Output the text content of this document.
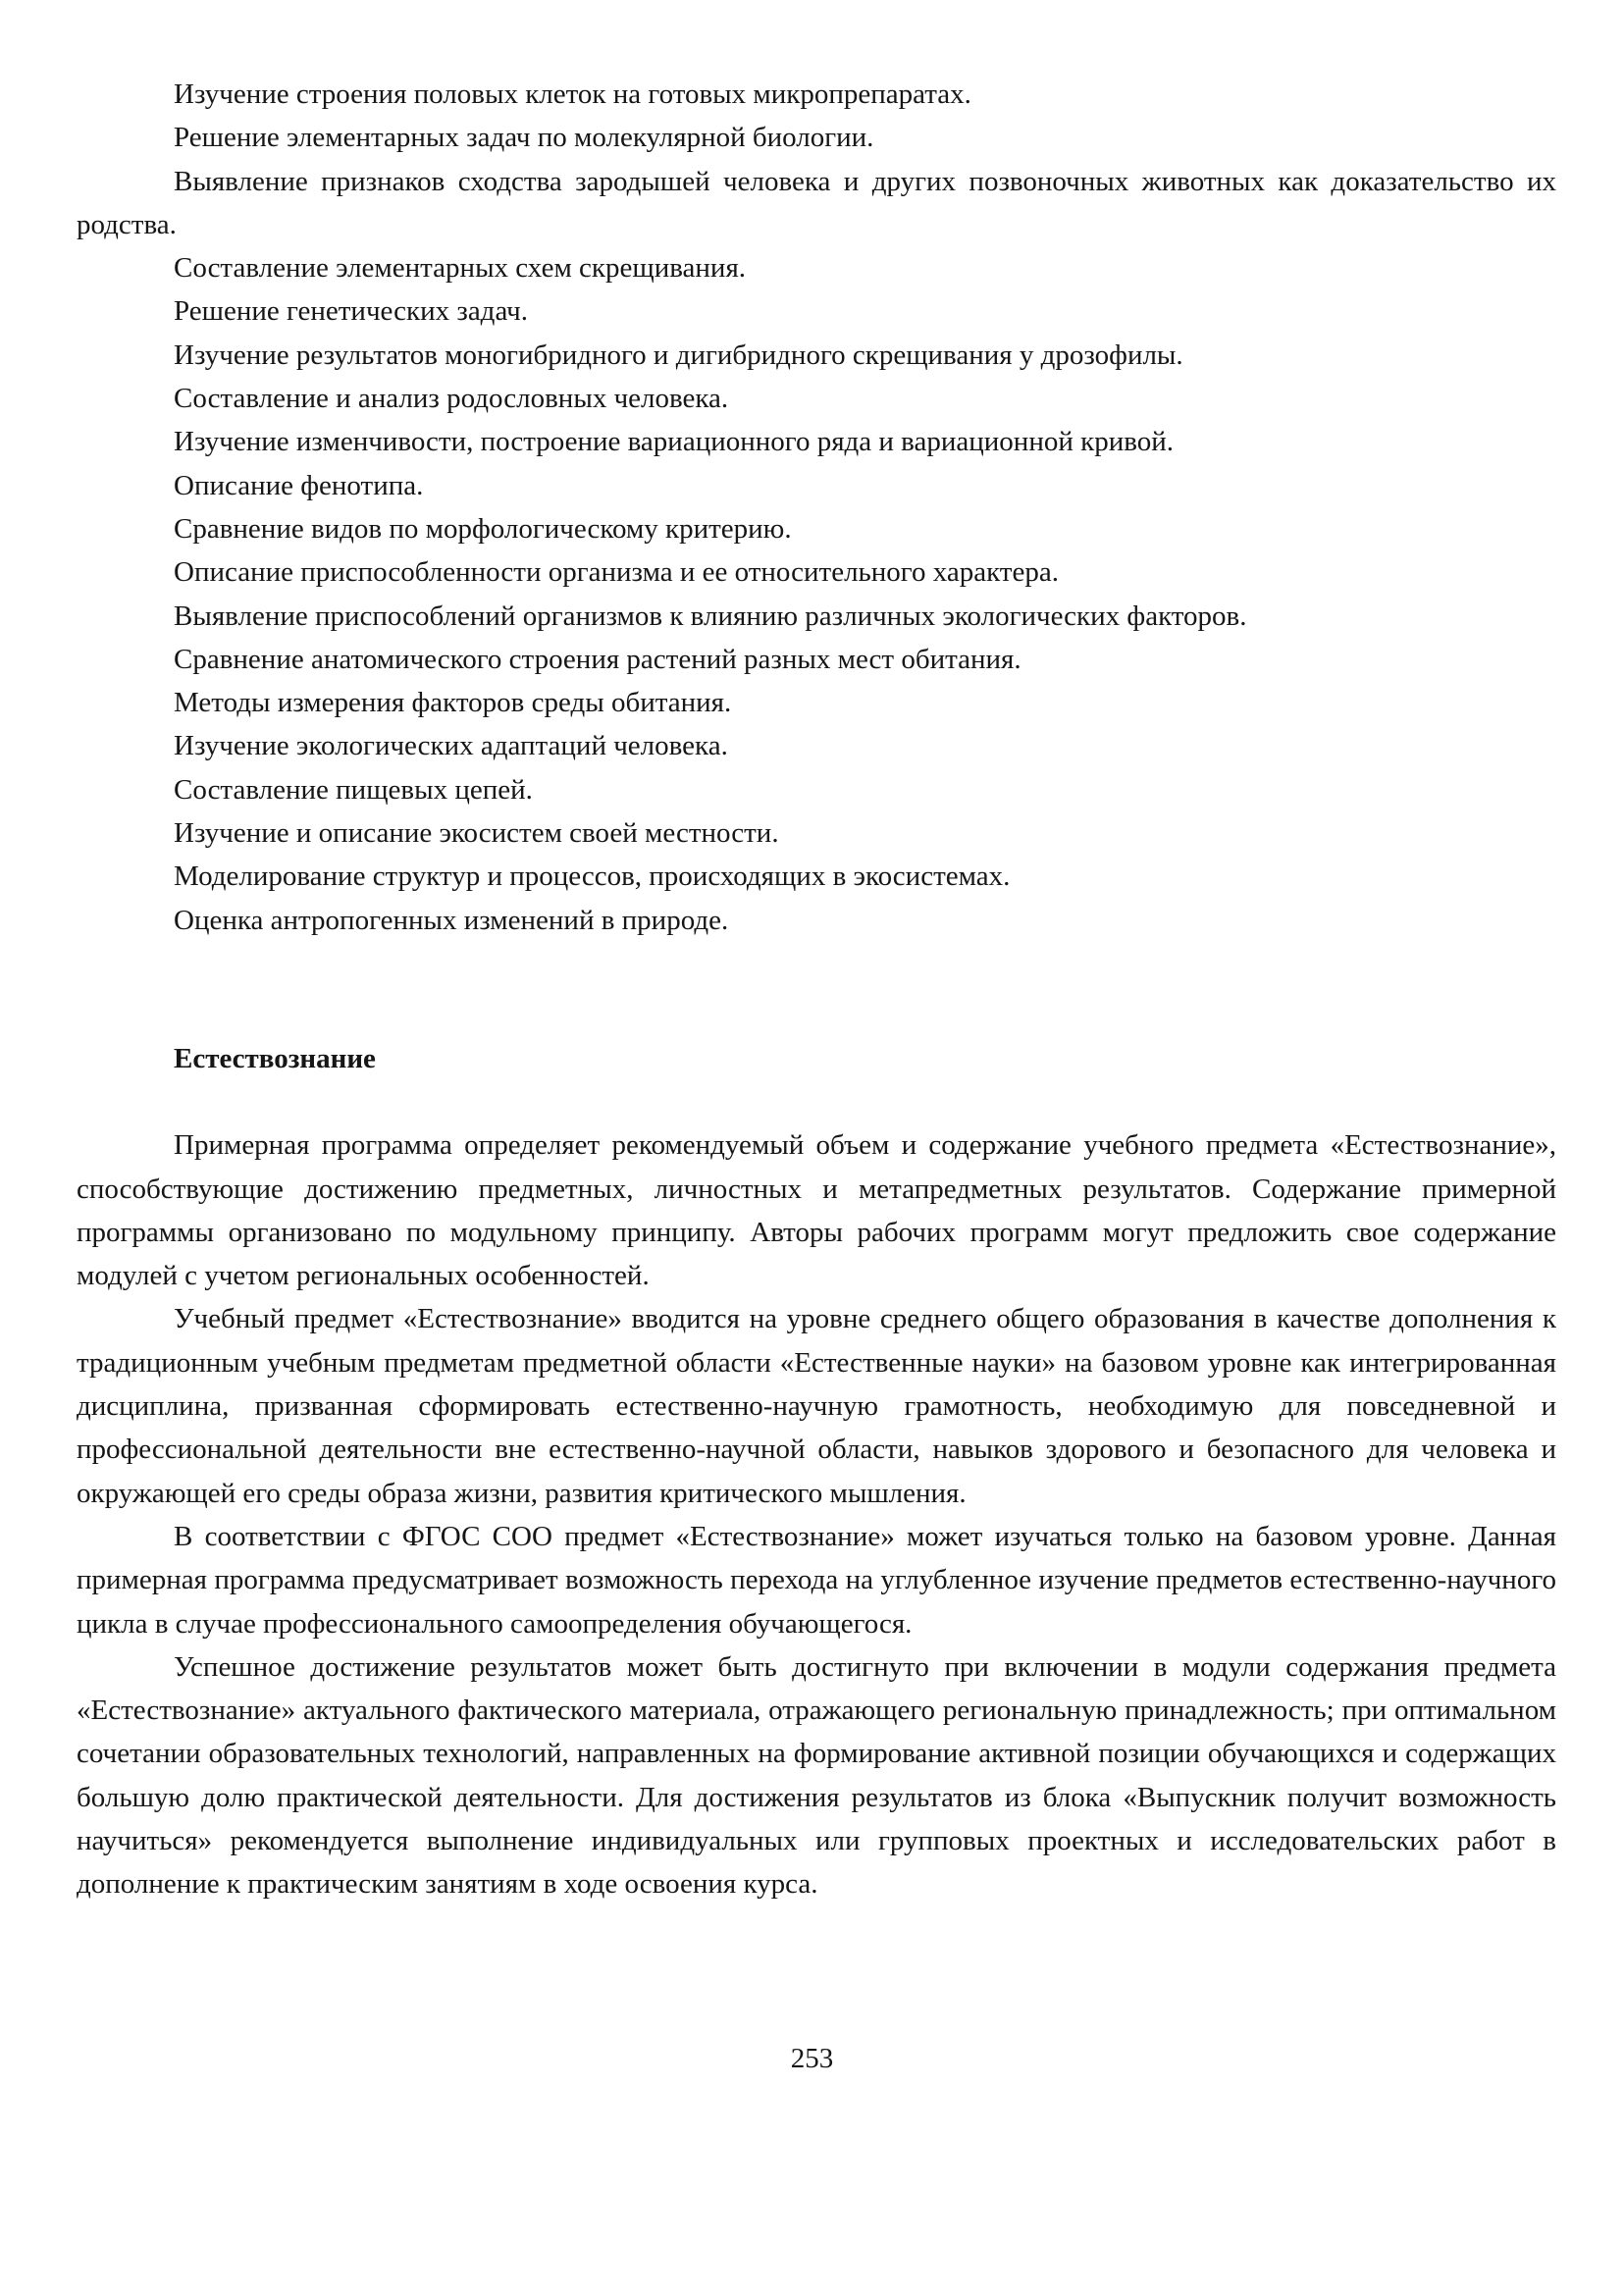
Изучение строения половых клеток на готовых микропрепаратах.

Решение элементарных задач по молекулярной биологии.

Выявление признаков сходства зародышей человека и других позвоночных животных как доказательство их родства.

Составление элементарных схем скрещивания.

Решение генетических задач.

Изучение результатов моногибридного и дигибридного скрещивания у дрозофилы.

Составление и анализ родословных человека.

Изучение изменчивости, построение вариационного ряда и вариационной кривой.

Описание фенотипа.

Сравнение видов по морфологическому критерию.

Описание приспособленности организма и ее относительного характера.

Выявление приспособлений организмов к влиянию различных экологических факторов.

Сравнение анатомического строения растений разных мест обитания.

Методы измерения факторов среды обитания.

Изучение экологических адаптаций человека.

Составление пищевых цепей.

Изучение и описание экосистем своей местности.

Моделирование структур и процессов, происходящих в экосистемах.

Оценка антропогенных изменений в природе.

Естествознание

Примерная программа определяет рекомендуемый объем и содержание учебного предмета «Естествознание», способствующие достижению предметных, личностных и метапредметных результатов. Содержание примерной программы организовано по модульному принципу. Авторы рабочих программ могут предложить свое содержание модулей с учетом региональных особенностей.

Учебный предмет «Естествознание» вводится на уровне среднего общего образования в качестве дополнения к традиционным учебным предметам предметной области «Естественные науки» на базовом уровне как интегрированная дисциплина, призванная сформировать естественно-научную грамотность, необходимую для повседневной и профессиональной деятельности вне естественно-научной области, навыков здорового и безопасного для человека и окружающей его среды образа жизни, развития критического мышления.

В соответствии с ФГОС СОО предмет «Естествознание» может изучаться только на базовом уровне. Данная примерная программа предусматривает возможность перехода на углубленное изучение предметов естественно-научного цикла в случае профессионального самоопределения обучающегося.

Успешное достижение результатов может быть достигнуто при включении в модули содержания предмета «Естествознание» актуального фактического материала, отражающего региональную принадлежность; при оптимальном сочетании образовательных технологий, направленных на формирование активной позиции обучающихся и содержащих большую долю практической деятельности. Для достижения результатов из блока «Выпускник получит возможность научиться» рекомендуется выполнение индивидуальных или групповых проектных и исследовательских работ в дополнение к практическим занятиям в ходе освоения курса.

253
